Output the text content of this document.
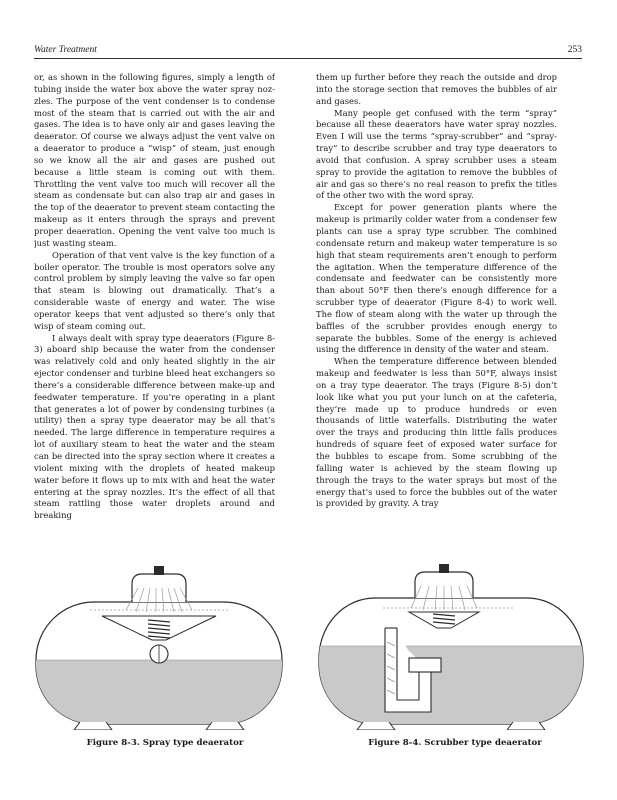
Water Treatment	253

or, as shown in the following figures, simply a length of tubing inside the water box above the water spray nozzles. The purpose of the vent condenser is to condense most of the steam that is carried out with the air and gases. The idea is to have only air and gases leaving the deaerator. Of course we always adjust the vent valve on a deaerator to produce a “wisp” of steam, just enough so we know all the air and gases are pushed out because a little steam is coming out with them. Throttling the vent valve too much will recover all the steam as condensate but can also trap air and gases in the top of the deaerator to prevent steam contacting the makeup as it enters through the sprays and prevent proper deaeration. Opening the vent valve too much is just wasting steam.

Operation of that vent valve is the key function of a boiler operator. The trouble is most operators solve any control problem by simply leaving the valve so far open that steam is blowing out dramatically. That’s a considerable waste of energy and water. The wise operator keeps that vent adjusted so there’s only that wisp of steam coming out.

I always dealt with spray type deaerators (Figure 8-3) aboard ship because the water from the condenser was relatively cold and only heated slightly in the air ejector condenser and turbine bleed heat exchangers so there’s a considerable difference between make-up and feedwater temperature. If you’re operating in a plant that generates a lot of power by condensing turbines (a utility) then a spray type deaerator may be all that’s needed. The large difference in temperature requires a lot of auxiliary steam to heat the water and the steam can be directed into the spray section where it creates a violent mixing with the droplets of heated makeup water before it flows up to mix with and heat the water entering at the spray nozzles. It’s the effect of all that steam rattling those water droplets around and breaking

them up further before they reach the outside and drop into the storage section that removes the bubbles of air and gases.

Many people get confused with the term “spray” because all these deaerators have water spray nozzles. Even I will use the terms “spray-scrubber” and “spray-tray” to describe scrubber and tray type deaerators to avoid that confusion. A spray scrubber uses a steam spray to provide the agitation to remove the bubbles of air and gas so there’s no real reason to prefix the titles of the other two with the word spray.

Except for power generation plants where the makeup is primarily colder water from a condenser few plants can use a spray type scrubber. The combined condensate return and makeup water temperature is so high that steam requirements aren’t enough to perform the agitation. When the temperature difference of the condensate and feedwater can be consistently more than about 50°F then there’s enough difference for a scrubber type of deaerator (Figure 8-4) to work well. The flow of steam along with the water up through the baffles of the scrubber provides enough energy to separate the bubbles. Some of the energy is achieved using the difference in density of the water and steam.

When the temperature difference between blended makeup and feedwater is less than 50°F, always insist on a tray type deaerator. The trays (Figure 8-5) don’t look like what you put your lunch on at the cafeteria, they’re made up to produce hundreds or even thousands of little waterfalls. Distributing the water over the trays and producing thin little falls produces hundreds of square feet of exposed water surface for the bubbles to escape from. Some scrubbing of the falling water is achieved by the steam flowing up through the trays to the water sprays but most of the energy that’s used to force the bubbles out of the water is provided by gravity. A tray

Figure 8-3. Spray type deaerator	Figure 8-4. Scrubber type deaerator
